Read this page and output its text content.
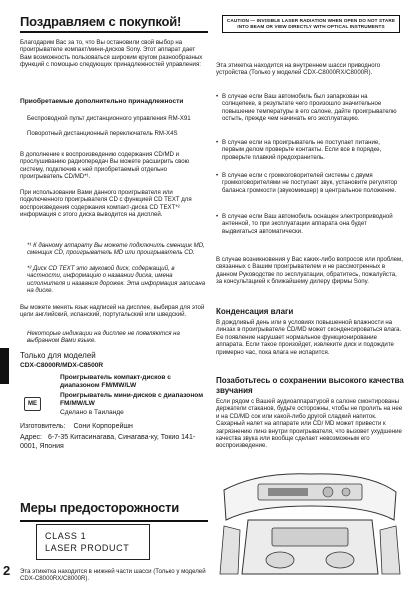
2
Поздравляем с покупкой!

Благодарим Вас за то, что Вы остановили свой выбор на проигрывателе компакт/мини-дисков Sony. Этот аппарат дает Вам возможность пользоваться широким кругом разнообразных функций с помощью следующих принадлежностей управления:

Приобретаемые дополнительно принадлежности

Беспроводной пульт дистанционного управления RM-X91

Поворотный дистанционный переключатель RM-X4S

В дополнение к воспроизведению содержания CD/MD и прослушиванию радиопередач Вы можете расширить свою систему, подключив к ней приобретаемый отдельно проигрыватель CD/MD*¹.

При использовании Вами данного проигрывателя или подключенного проигрывателя CD с функцией CD TEXT для воспроизведения содержания компакт-диска CD TEXT*² информация с этого диска выводится на дисплей.

*¹ К данному аппарату Вы можете подключить сменщик MD, сменщик CD, проигрыватель MD или проигрыватель CD.

*² Диск CD TEXT это звуковой диск, содержащий, в частности, информацию о названии диска, имена исполнителя и названия дорожек. Эта информация записана на диске.

Вы можете менять язык надписей на дисплее, выбирая для этой цели английский, испанский, португальский или шведский.

Некоторые индикации на дисплее не появляются на выбранном Вами языке.

Только для моделей

CDX-C8000R/MDX-C8500R

Проигрыватель компакт-дисков с диапазоном FM/MW/LW

Проигрыватель мини-дисков с диапазоном FM/MW/LW

Сделано в Таиланде

ME

Изготовитель: Сони Корпорейшн

Адрес: 6-7-35 Китасинагава, Синагава-ку, Токио 141-0001, Япония

Меры предосторожности
CLASS 1
LASER PRODUCT

Эта этикетка находится в нижней части шасси (Только у моделей CDX-C8000RX/C8000R).

CAUTION — INVISIBLE LASER RADIATION WHEN OPEN DO NOT STARE INTO BEAM OR VIEW DIRECTLY WITH OPTICAL INSTRUMENTS

Эта этикетка находится на внутреннем шасси приводного устройства (Только у моделей CDX-C8000RX/C8000R).

• В случае если Ваш автомобиль был запаркован на солнцепеке, в результате чего произошло значительное повышение температуры в его салоне, дайте проигрывателю остыть, прежде чем начинать его эксплуатацию.

• В случае если на проигрыватель не поступает питание, первым делом проверьте контакты. Если все в порядке, проверьте плавкий предохранитель.

• В случае если с громкоговорителей системы с двумя громкоговорителями не поступает звук, установите регулятор баланса громкости (звукомикшер) в центральное положение.

• В случае если Ваш автомобиль оснащен электроприводной антенной, то при эксплуатации аппарата она будет выдвигаться автоматически.

В случае возникновения у Вас каких-либо вопросов или проблем, связанных с Вашим проигрывателем и не рассмотренных в данном Руководстве по эксплуатации, обратитесь, пожалуйста, за консультацией к ближайшему дилеру фирмы Sony.

Конденсация влаги

В дождливый день или в условиях повышенной влажности на линзах в проигрывателе CD/MD может сконденсироваться влага. Ее появление нарушает нормальное функционирование аппарата. Если такое произойдет, извлеките диск и подождите примерно час, пока влага не испарится.

Позаботьтесь о сохранении высокого качества звучания

Если рядом с Вашей аудиоаппаратурой в салоне смонтированы держатели стаканов, будьте осторожны, чтобы не пролить на нее и на CD/MD сок или какой-либо другой сладкий напиток. Сахарный налет на аппарате или CD/ MD может привести к загрязнению линз внутри проигрывателя, что вызовет ухудшение качества звука или вообще сделает невозможным его воспроизведение.
